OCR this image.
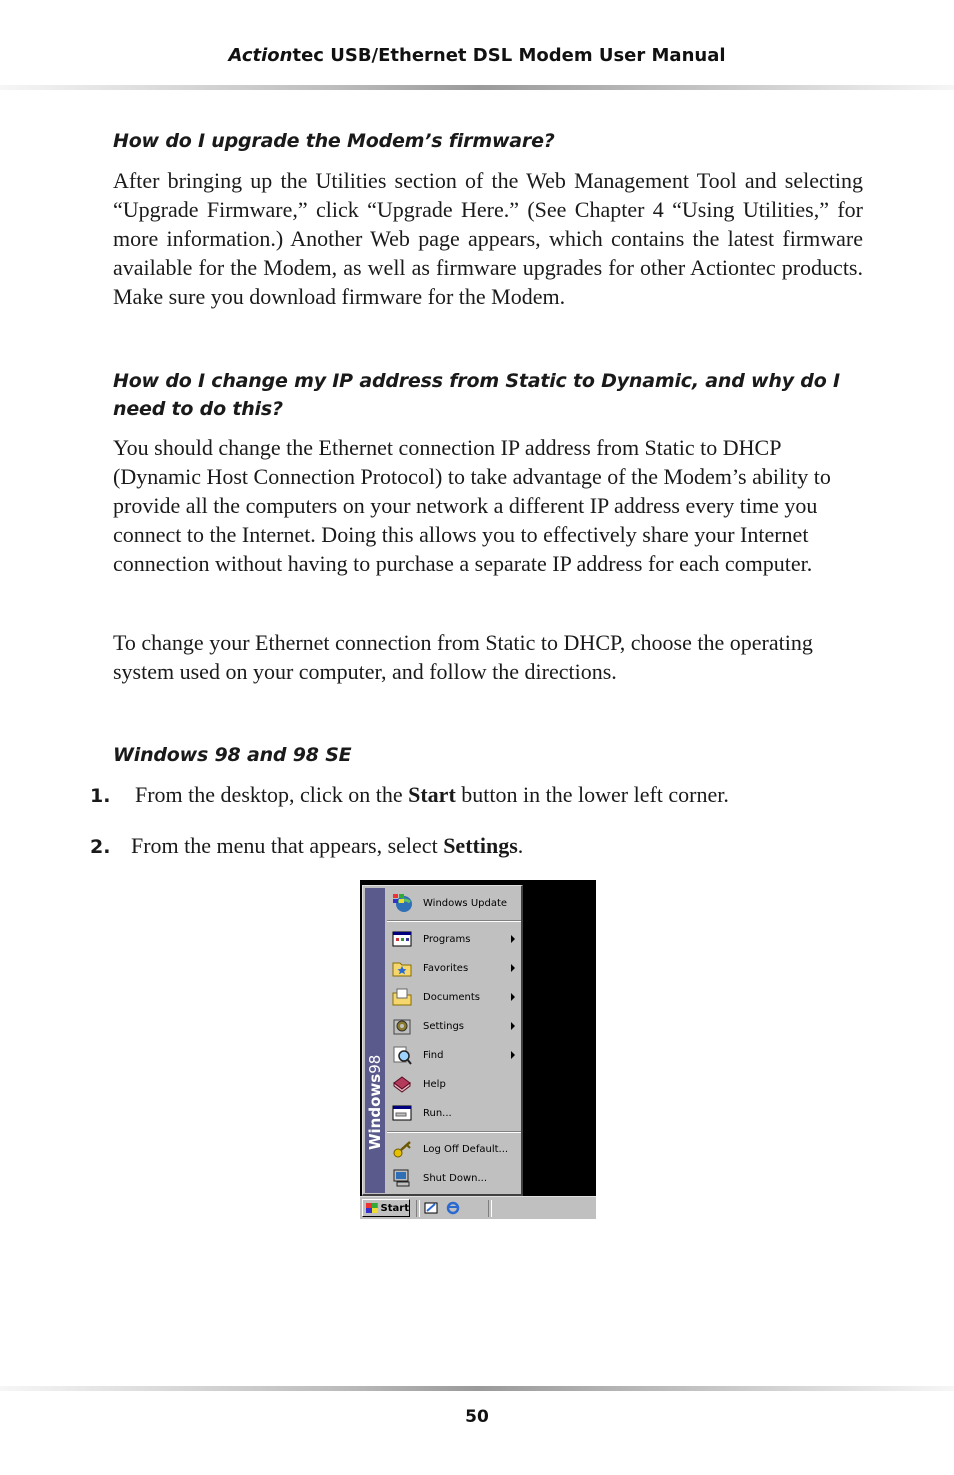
Actiontec USB/Ethernet DSL Modem User Manual
How do I upgrade the Modem’s firmware?

After bringing up the Utilities section of the Web Management Tool and selecting “Upgrade Firmware,” click “Upgrade Here.” (See Chapter 4 “Using Utilities,” for more information.) Another Web page appears, which contains the latest firmware available for the Modem, as well as firmware upgrades for other Actiontec products. Make sure you download firmware for the Modem.

How do I change my IP address from Static to Dynamic, and why do I need to do this?

You should change the Ethernet connection IP address from Static to DHCP (Dynamic Host Connection Protocol) to take advantage of the Modem’s ability to provide all the computers on your network a different IP address every time you connect to the Internet. Doing this allows you to effectively share your Internet connection without having to purchase a separate IP address for each computer.

To change your Ethernet connection from Static to DHCP, choose the operating system used on your computer, and follow the directions.

Windows 98 and 98 SE
1. From the desktop, click on the Start button in the lower left corner.
2. From the menu that appears, select Settings.
Windows98
Windows Update
Programs
Favorites
Documents
Settings
Find
Help
Run...
Log Off Default...
Shut Down...
Start
50
